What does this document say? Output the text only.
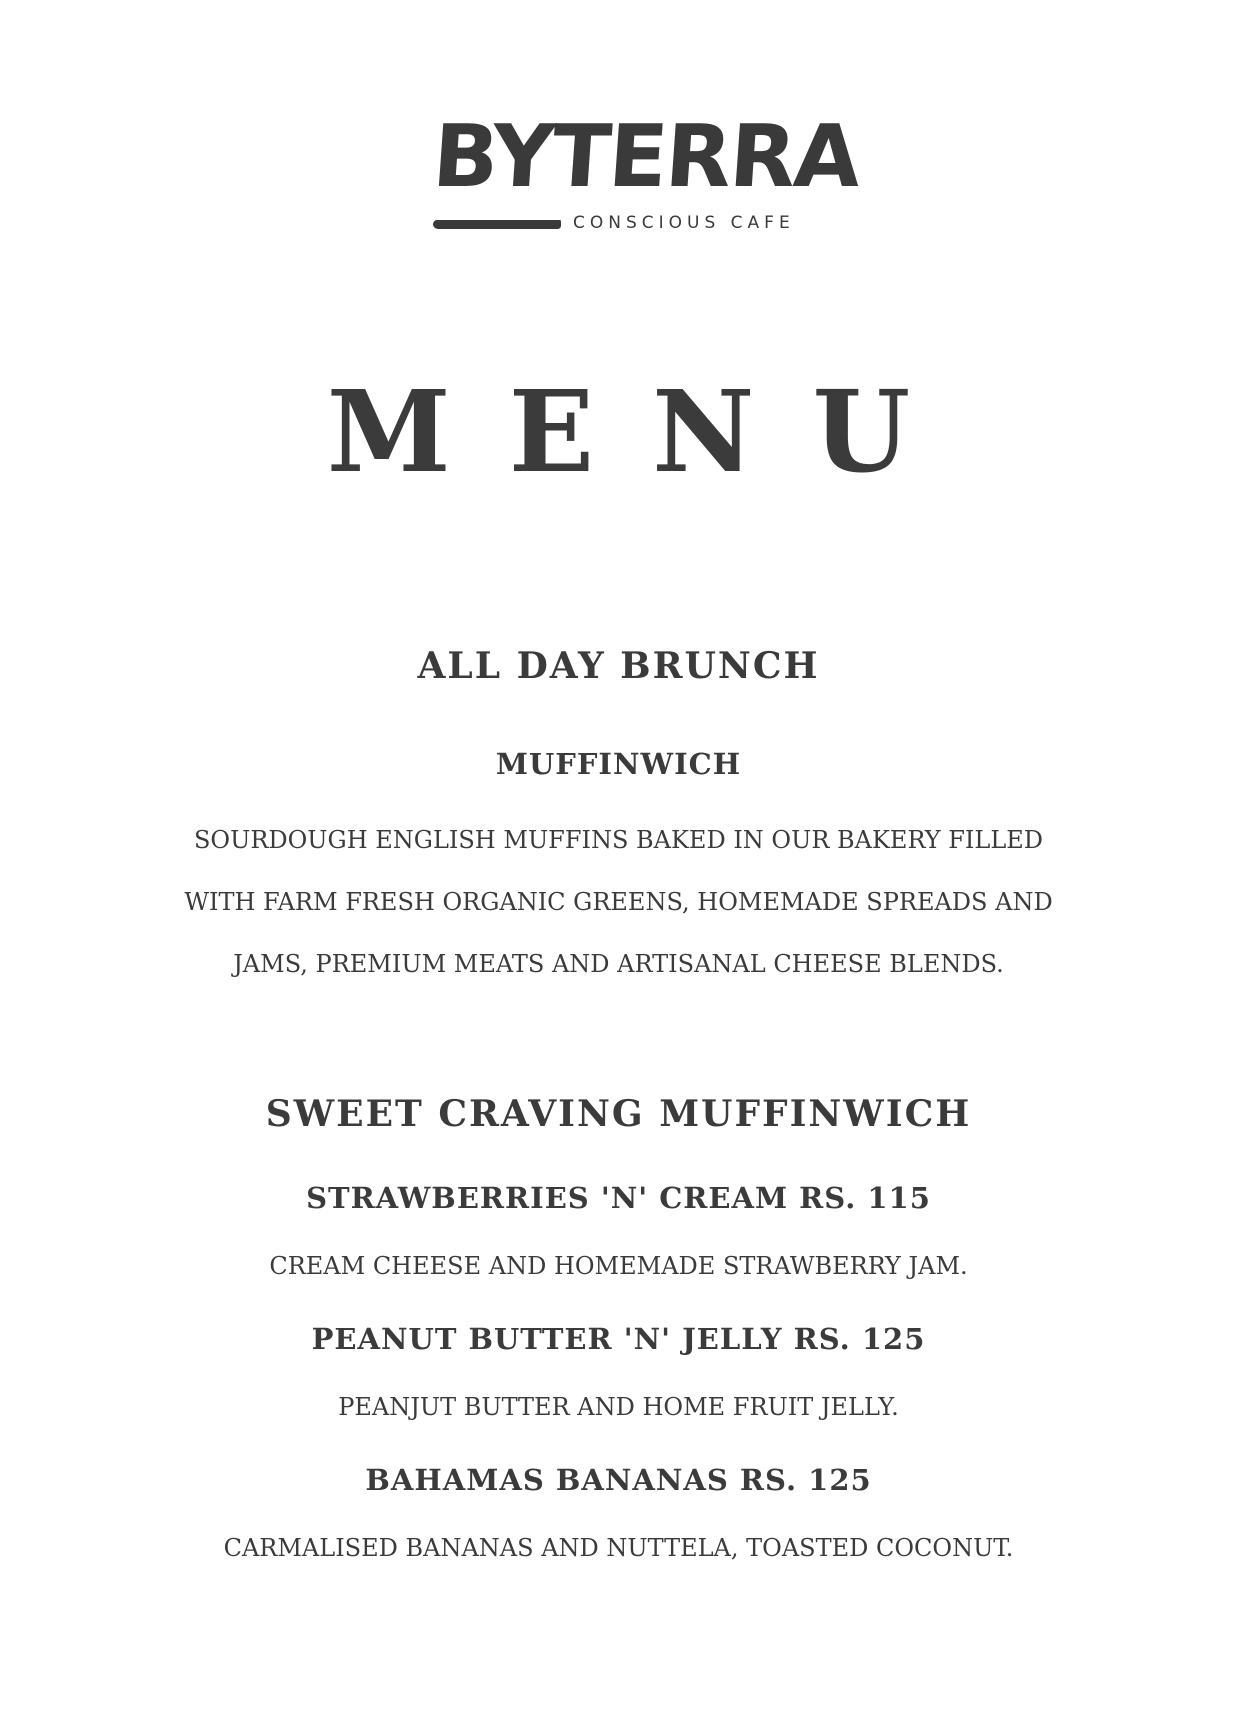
BYTERRA
CONSCIOUS CAFE
MENU
ALL DAY BRUNCH
MUFFINWICH
SOURDOUGH ENGLISH MUFFINS BAKED IN OUR BAKERY FILLED
WITH FARM FRESH ORGANIC GREENS, HOMEMADE SPREADS AND
JAMS, PREMIUM MEATS AND ARTISANAL CHEESE BLENDS.
SWEET CRAVING MUFFINWICH
STRAWBERRIES 'N' CREAM RS. 115
CREAM CHEESE AND HOMEMADE STRAWBERRY JAM.
PEANUT BUTTER 'N' JELLY RS. 125
PEANJUT BUTTER AND HOME FRUIT JELLY.
BAHAMAS BANANAS RS. 125
CARMALISED BANANAS AND NUTTELA, TOASTED COCONUT.
